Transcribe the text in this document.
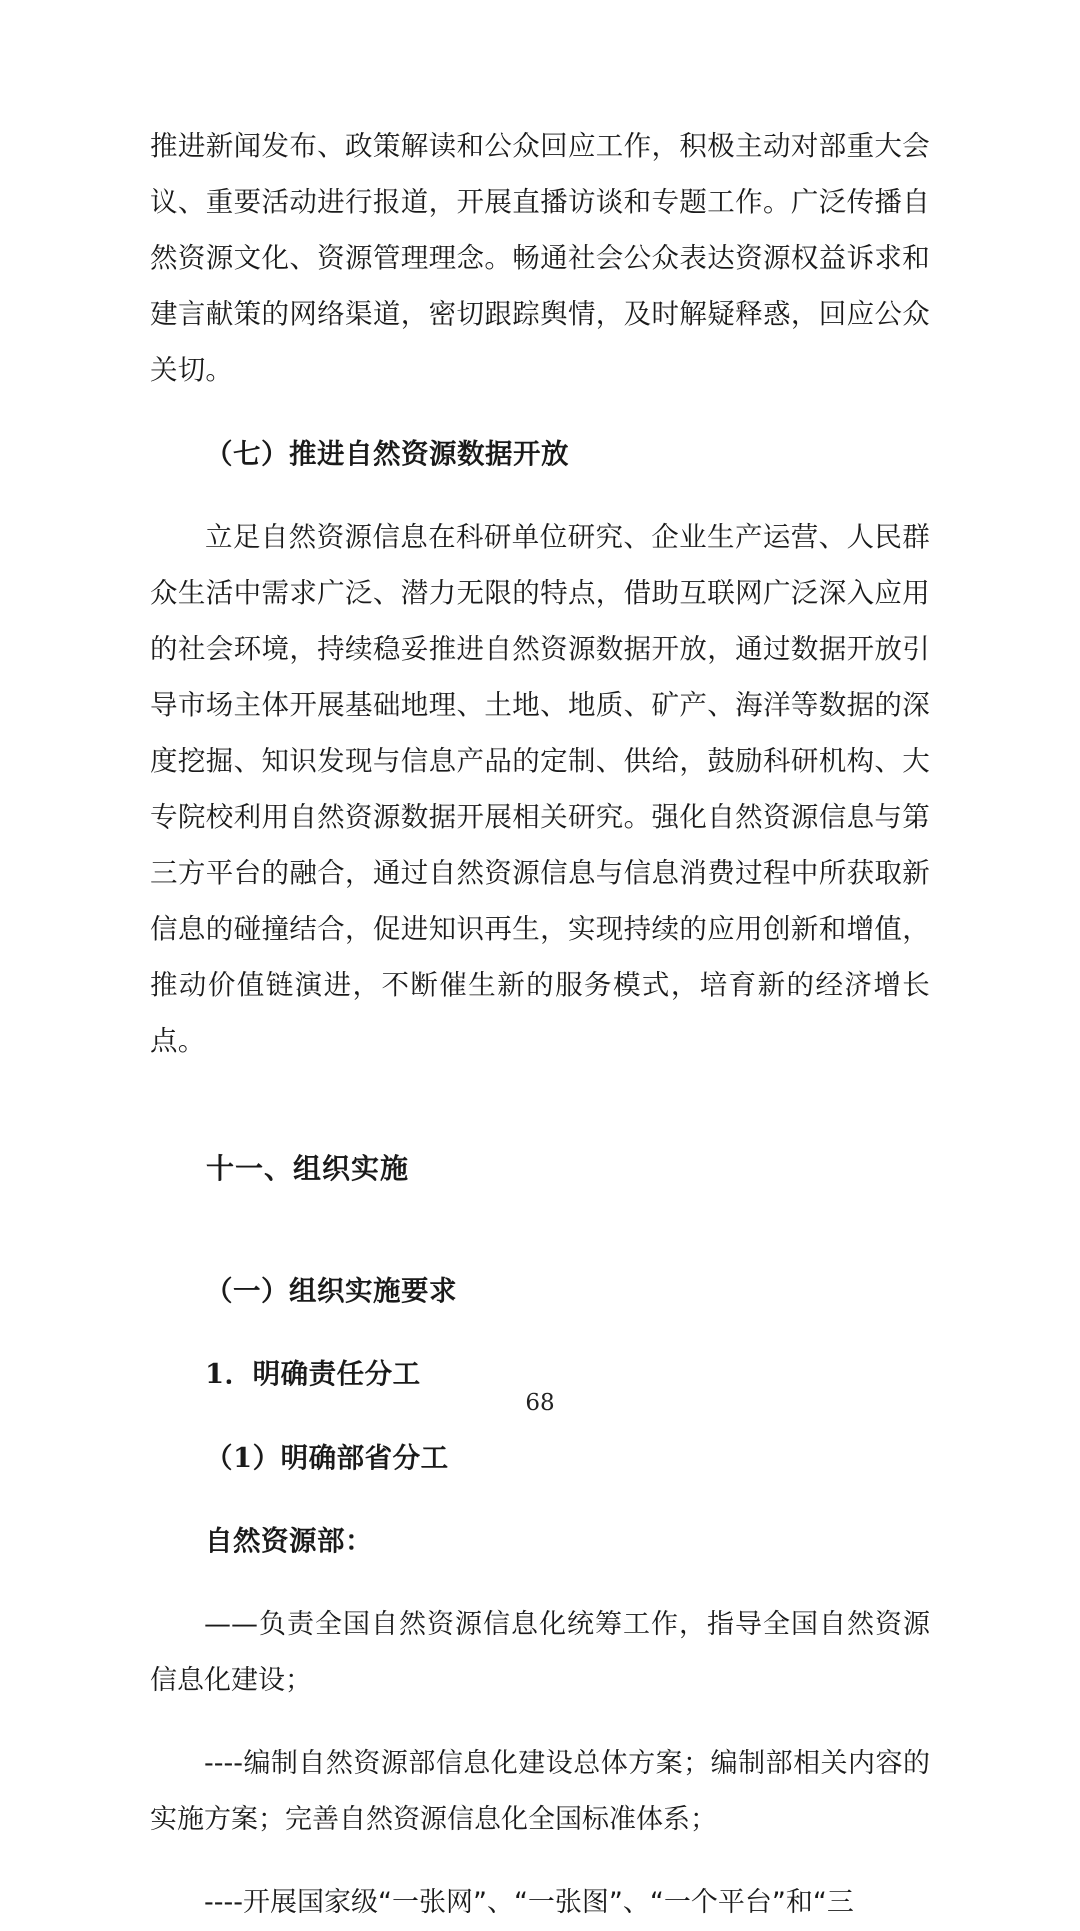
推进新闻发布、政策解读和公众回应工作，积极主动对部重大会议、重要活动进行报道，开展直播访谈和专题工作。广泛传播自然资源文化、资源管理理念。畅通社会公众表达资源权益诉求和建言献策的网络渠道，密切跟踪舆情，及时解疑释惑，回应公众关切。

（七）推进自然资源数据开放

立足自然资源信息在科研单位研究、企业生产运营、人民群众生活中需求广泛、潜力无限的特点，借助互联网广泛深入应用的社会环境，持续稳妥推进自然资源数据开放，通过数据开放引导市场主体开展基础地理、土地、地质、矿产、海洋等数据的深度挖掘、知识发现与信息产品的定制、供给，鼓励科研机构、大专院校利用自然资源数据开展相关研究。强化自然资源信息与第三方平台的融合，通过自然资源信息与信息消费过程中所获取新信息的碰撞结合，促进知识再生，实现持续的应用创新和增值，推动价值链演进，不断催生新的服务模式，培育新的经济增长点。

十一、组织实施

（一）组织实施要求

1．明确责任分工

（1）明确部省分工

自然资源部：

——负责全国自然资源信息化统筹工作，指导全国自然资源信息化建设；

----编制自然资源部信息化建设总体方案；编制部相关内容的实施方案；完善自然资源信息化全国标准体系；

----开展国家级“一张网”、“一张图”、“一个平台”和“三

68
